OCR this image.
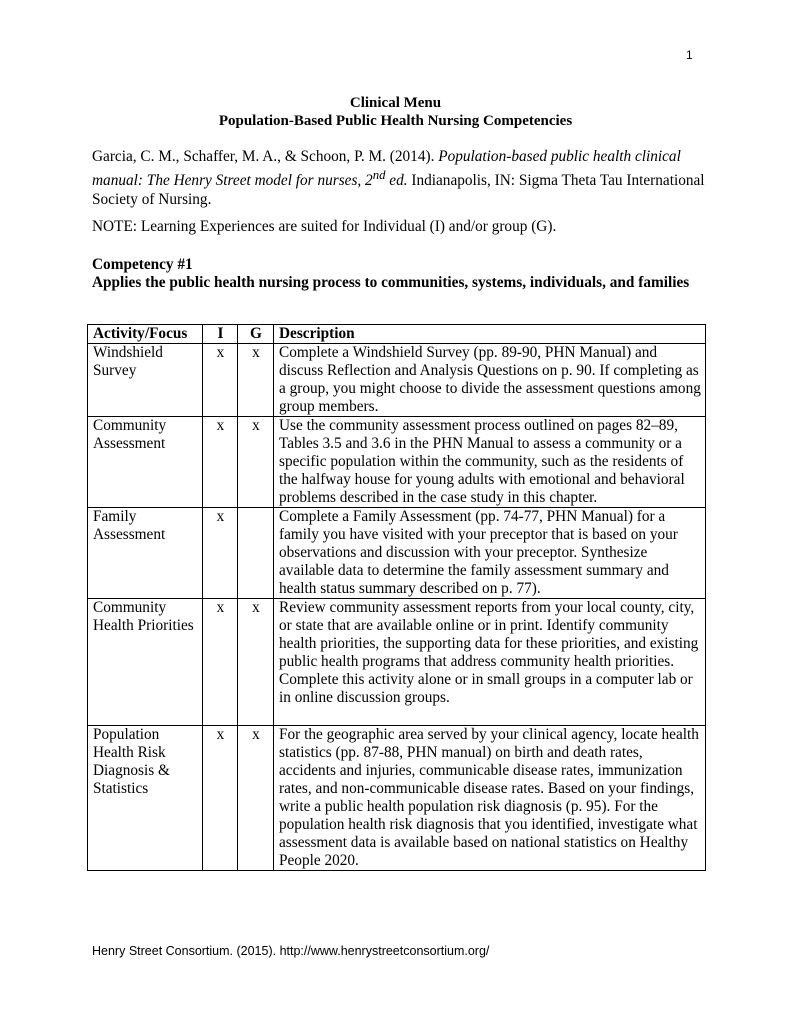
1
Clinical Menu
Population-Based Public Health Nursing Competencies
Garcia, C. M., Schaffer, M. A., & Schoon, P. M. (2014). Population-based public health clinical manual: The Henry Street model for nurses, 2nd ed. Indianapolis, IN: Sigma Theta Tau International Society of Nursing.
NOTE: Learning Experiences are suited for Individual (I) and/or group (G).
Competency #1
Applies the public health nursing process to communities, systems, individuals, and families
Activity/Focus	I	G	Description
Windshield Survey	x	x	Complete a Windshield Survey (pp. 89-90, PHN Manual) and discuss Reflection and Analysis Questions on p. 90. If completing as a group, you might choose to divide the assessment questions among group members.
Community Assessment	x	x	Use the community assessment process outlined on pages 82–89, Tables 3.5 and 3.6 in the PHN Manual to assess a community or a specific population within the community, such as the residents of the halfway house for young adults with emotional and behavioral problems described in the case study in this chapter.
Family Assessment	x		Complete a Family Assessment (pp. 74-77, PHN Manual) for a family you have visited with your preceptor that is based on your observations and discussion with your preceptor. Synthesize available data to determine the family assessment summary and health status summary described on p. 77).
Community Health Priorities	x	x	Review community assessment reports from your local county, city, or state that are available online or in print. Identify community health priorities, the supporting data for these priorities, and existing public health programs that address community health priorities. Complete this activity alone or in small groups in a computer lab or in online discussion groups.

Population Health Risk Diagnosis & Statistics	x	x	For the geographic area served by your clinical agency, locate health statistics (pp. 87-88, PHN manual) on birth and death rates, accidents and injuries, communicable disease rates, immunization rates, and non-communicable disease rates. Based on your findings, write a public health population risk diagnosis (p. 95). For the population health risk diagnosis that you identified, investigate what assessment data is available based on national statistics on Healthy People 2020.
Henry Street Consortium. (2015). http://www.henrystreetconsortium.org/
